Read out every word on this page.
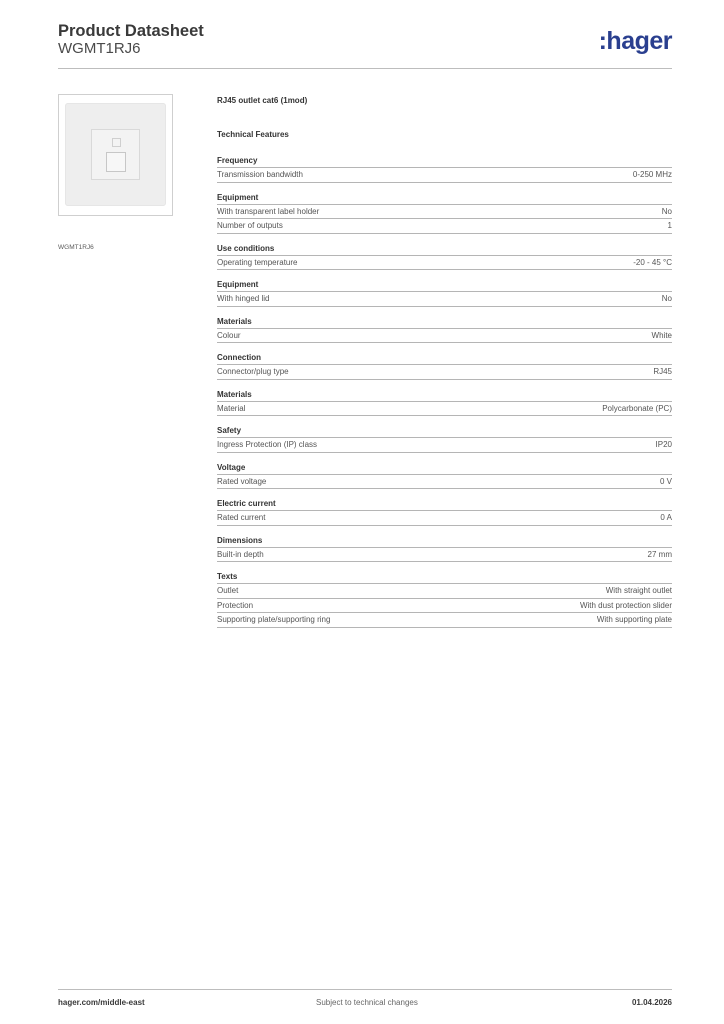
Product Datasheet
WGMT1RJ6	:hager
WGMT1RJ6
RJ45 outlet cat6 (1mod)
Technical Features
Frequency
Transmission bandwidth	0-250 MHz
Equipment
With transparent label holder	No
Number of outputs	1
Use conditions
Operating temperature	-20 - 45 °C
Equipment
With hinged lid	No
Materials
Colour	White
Connection
Connector/plug type	RJ45
Materials
Material	Polycarbonate (PC)
Safety
Ingress Protection (IP) class	IP20
Voltage
Rated voltage	0 V
Electric current
Rated current	0 A
Dimensions
Built-in depth	27 mm
Texts
Outlet	With straight outlet
Protection	With dust protection slider
Supporting plate/supporting ring	With supporting plate
hager.com/middle-east	Subject to technical changes	01.04.2026
